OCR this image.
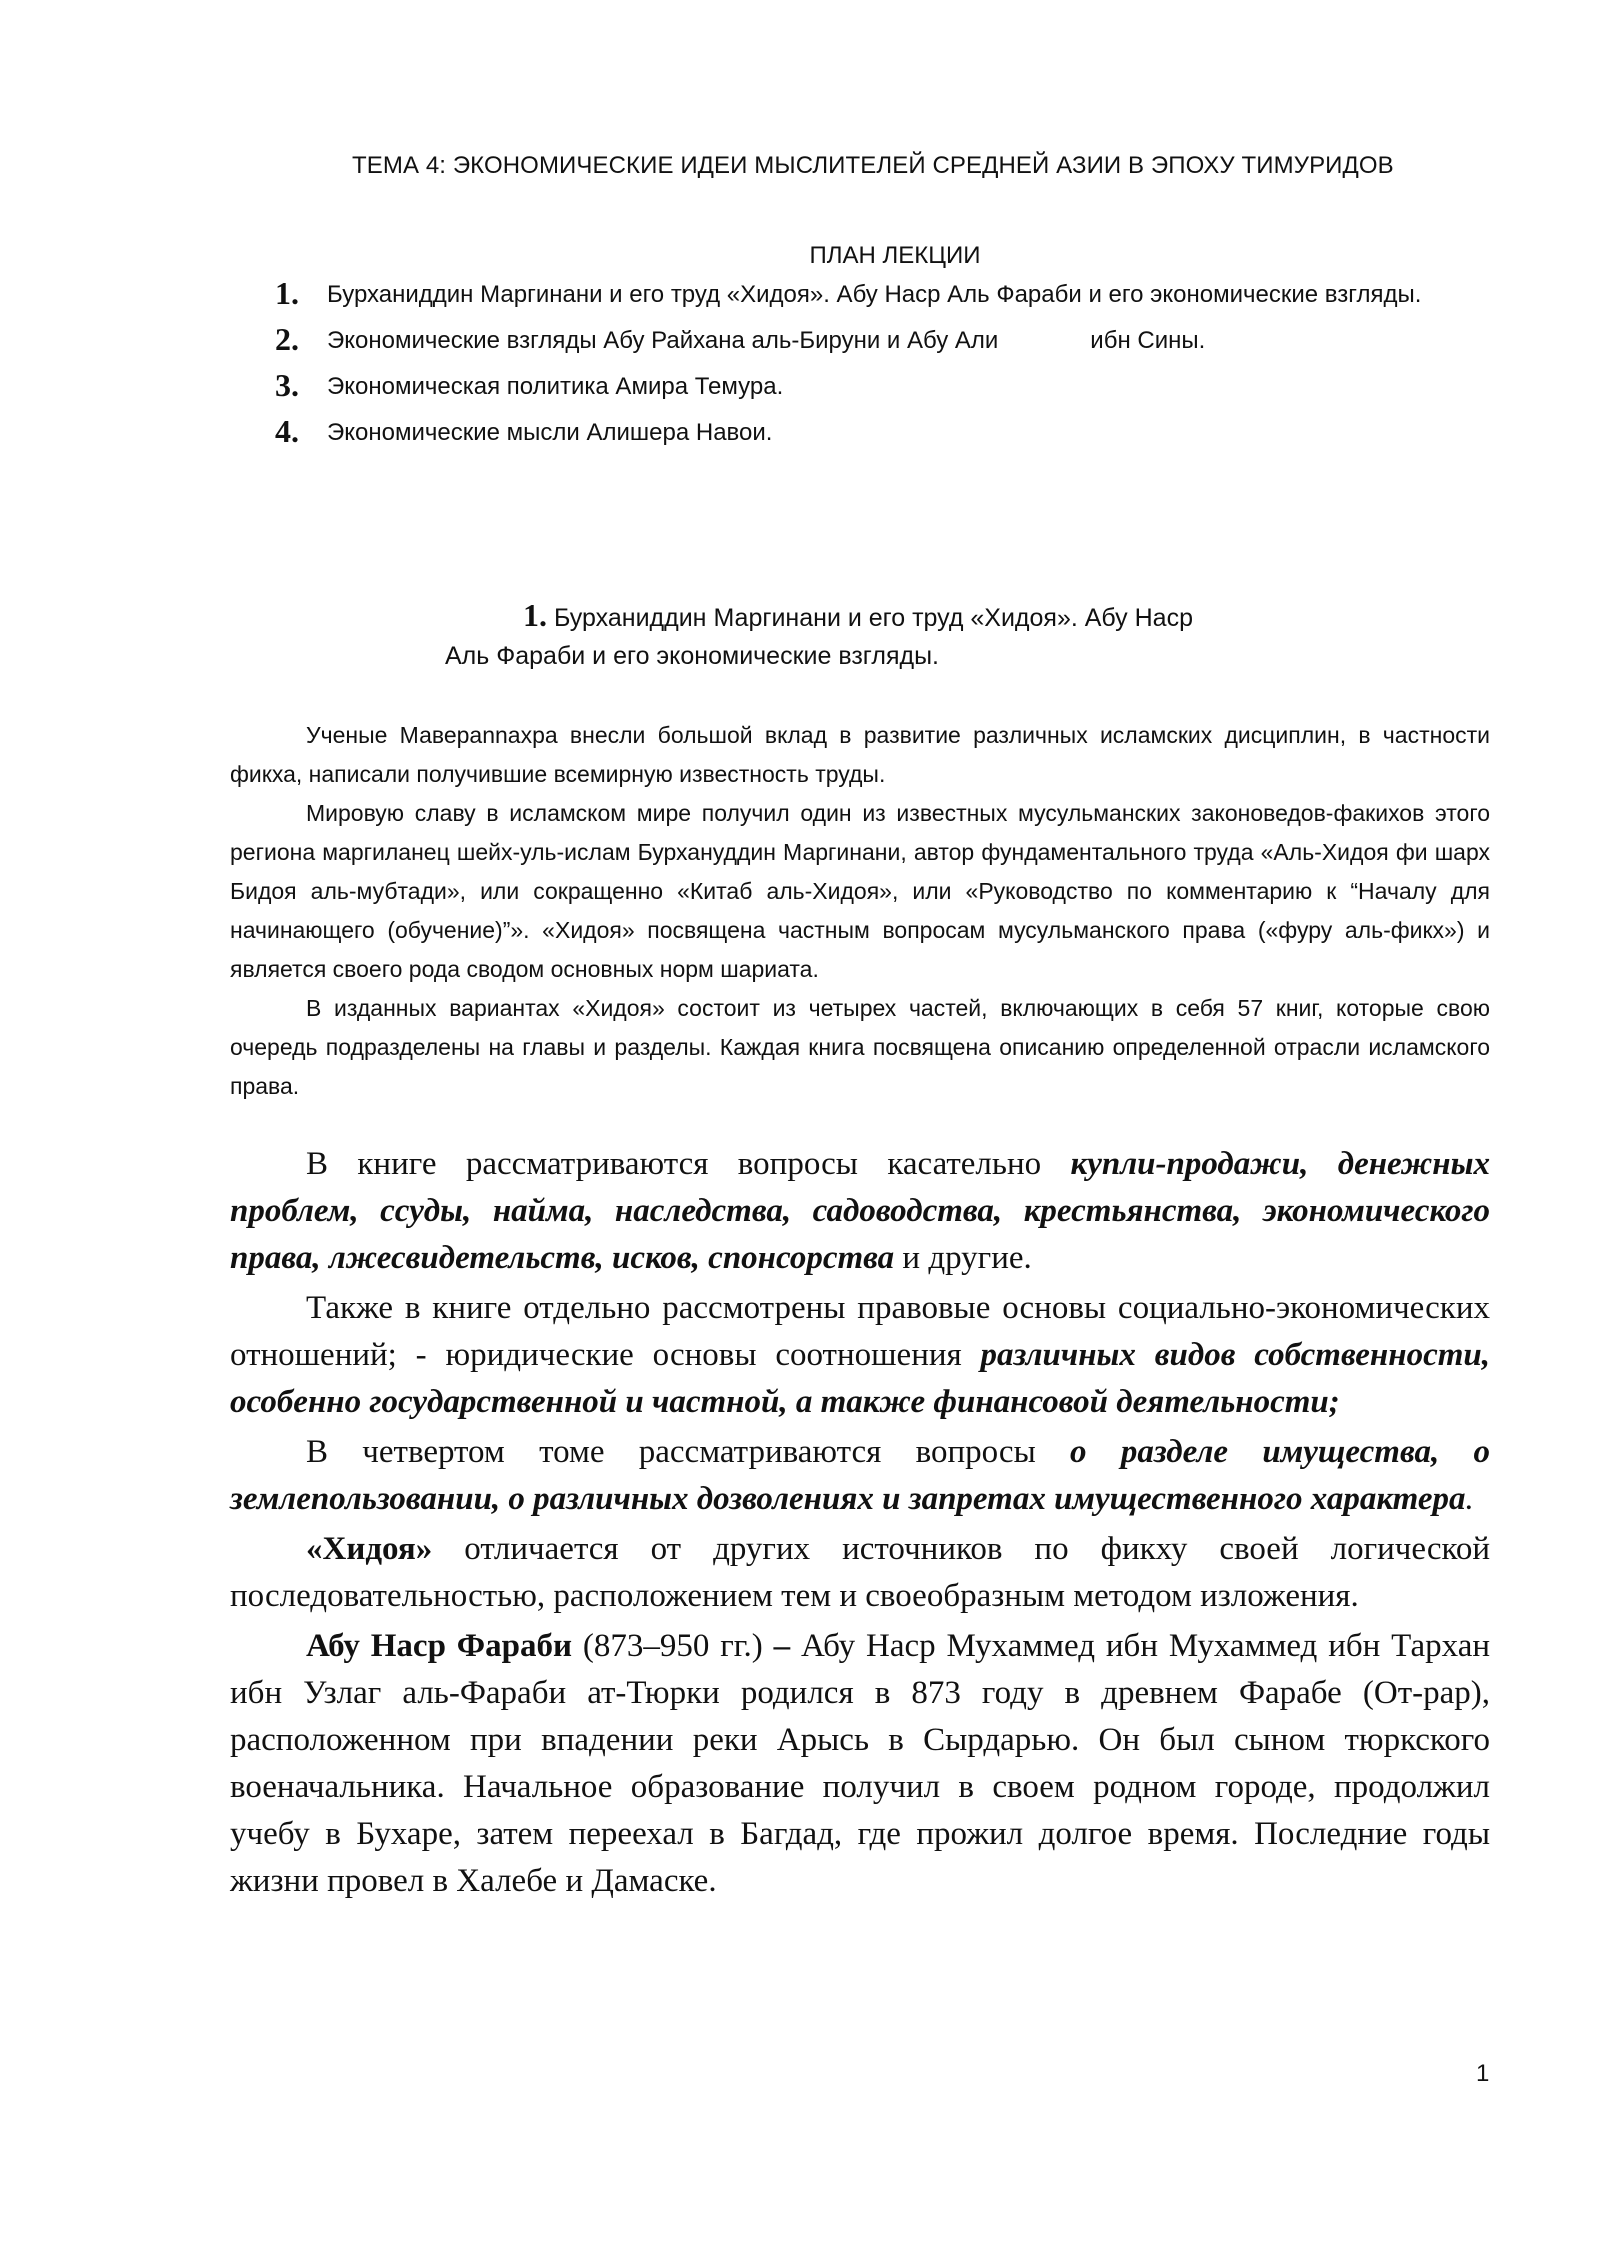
ТЕМА 4: ЭКОНОМИЧЕСКИЕ ИДЕИ МЫСЛИТЕЛЕЙ СРЕДНЕЙ АЗИИ В ЭПОХУ ТИМУРИДОВ
ПЛАН ЛЕКЦИИ
1. Бурханиддин Маргинани и его труд «Хидоя». Абу Наср Аль Фараби и его экономические взгляды.
2. Экономические взгляды Абу Райхана аль-Бируни и Абу Али	ибн Сины.
3. Экономическая политика Амира Темура.
4. Экономические мысли Алишера Навои.
1. Бурханиддин Маргинани и его труд «Хидоя». Абу Наср
Аль Фараби и его экономические взгляды.

Ученые Маверannахра внесли большой вклад в развитие различных исламских дисциплин, в частности фикха, написали получившие всемирную известность труды.

Мировую славу в исламском мире получил один из известных мусульманских законоведов-факихов этого региона маргиланец шейх-уль-ислам Бурхануддин Маргинани, автор фундаментального труда «Аль-Хидоя фи шарх Бидоя аль-мубтади», или сокращенно «Китаб аль-Хидоя», или «Руководство по комментарию к “Началу для начинающего (обучение)”». «Хидоя» посвящена частным вопросам мусульманского права («фуру аль-фикх») и является своего рода сводом основных норм шариата.

В изданных вариантах «Хидоя» состоит из четырех частей, включающих в себя 57 книг, которые свою очередь подразделены на главы и разделы. Каждая книга посвящена описанию определенной отрасли исламского права.

В книге рассматриваются вопросы касательно купли-продажи, денежных проблем, ссуды, найма, наследства, садоводства, крестьянства, экономического права, лжесвидетельств, исков, спонсорства и другие.

Также в книге отдельно рассмотрены правовые основы социально-экономических отношений; - юридические основы соотношения различных видов собственности, особенно государственной и частной, а также финансовой деятельности;

В четвертом томе рассматриваются вопросы о разделе имущества, о землепользовании, о различных дозволениях и запретах имущественного характера.

«Хидоя» отличается от других источников по фикху своей логической последовательностью, расположением тем и своеобразным методом изложения.

Абу Наср Фараби (873–950 гг.) – Абу Наср Мухаммед ибн Мухаммед ибн Тархан ибн Узлаг аль-Фараби ат-Тюрки родился в 873 году в древнем Фарабе (От-рар), расположенном при впадении реки Арысь в Сырдарью. Он был сыном тюркского военачальника. Начальное образование получил в своем родном городе, продолжил учебу в Бухаре, затем переехал в Багдад, где прожил долгое время. Последние годы жизни провел в Халебе и Дамаске.

1
